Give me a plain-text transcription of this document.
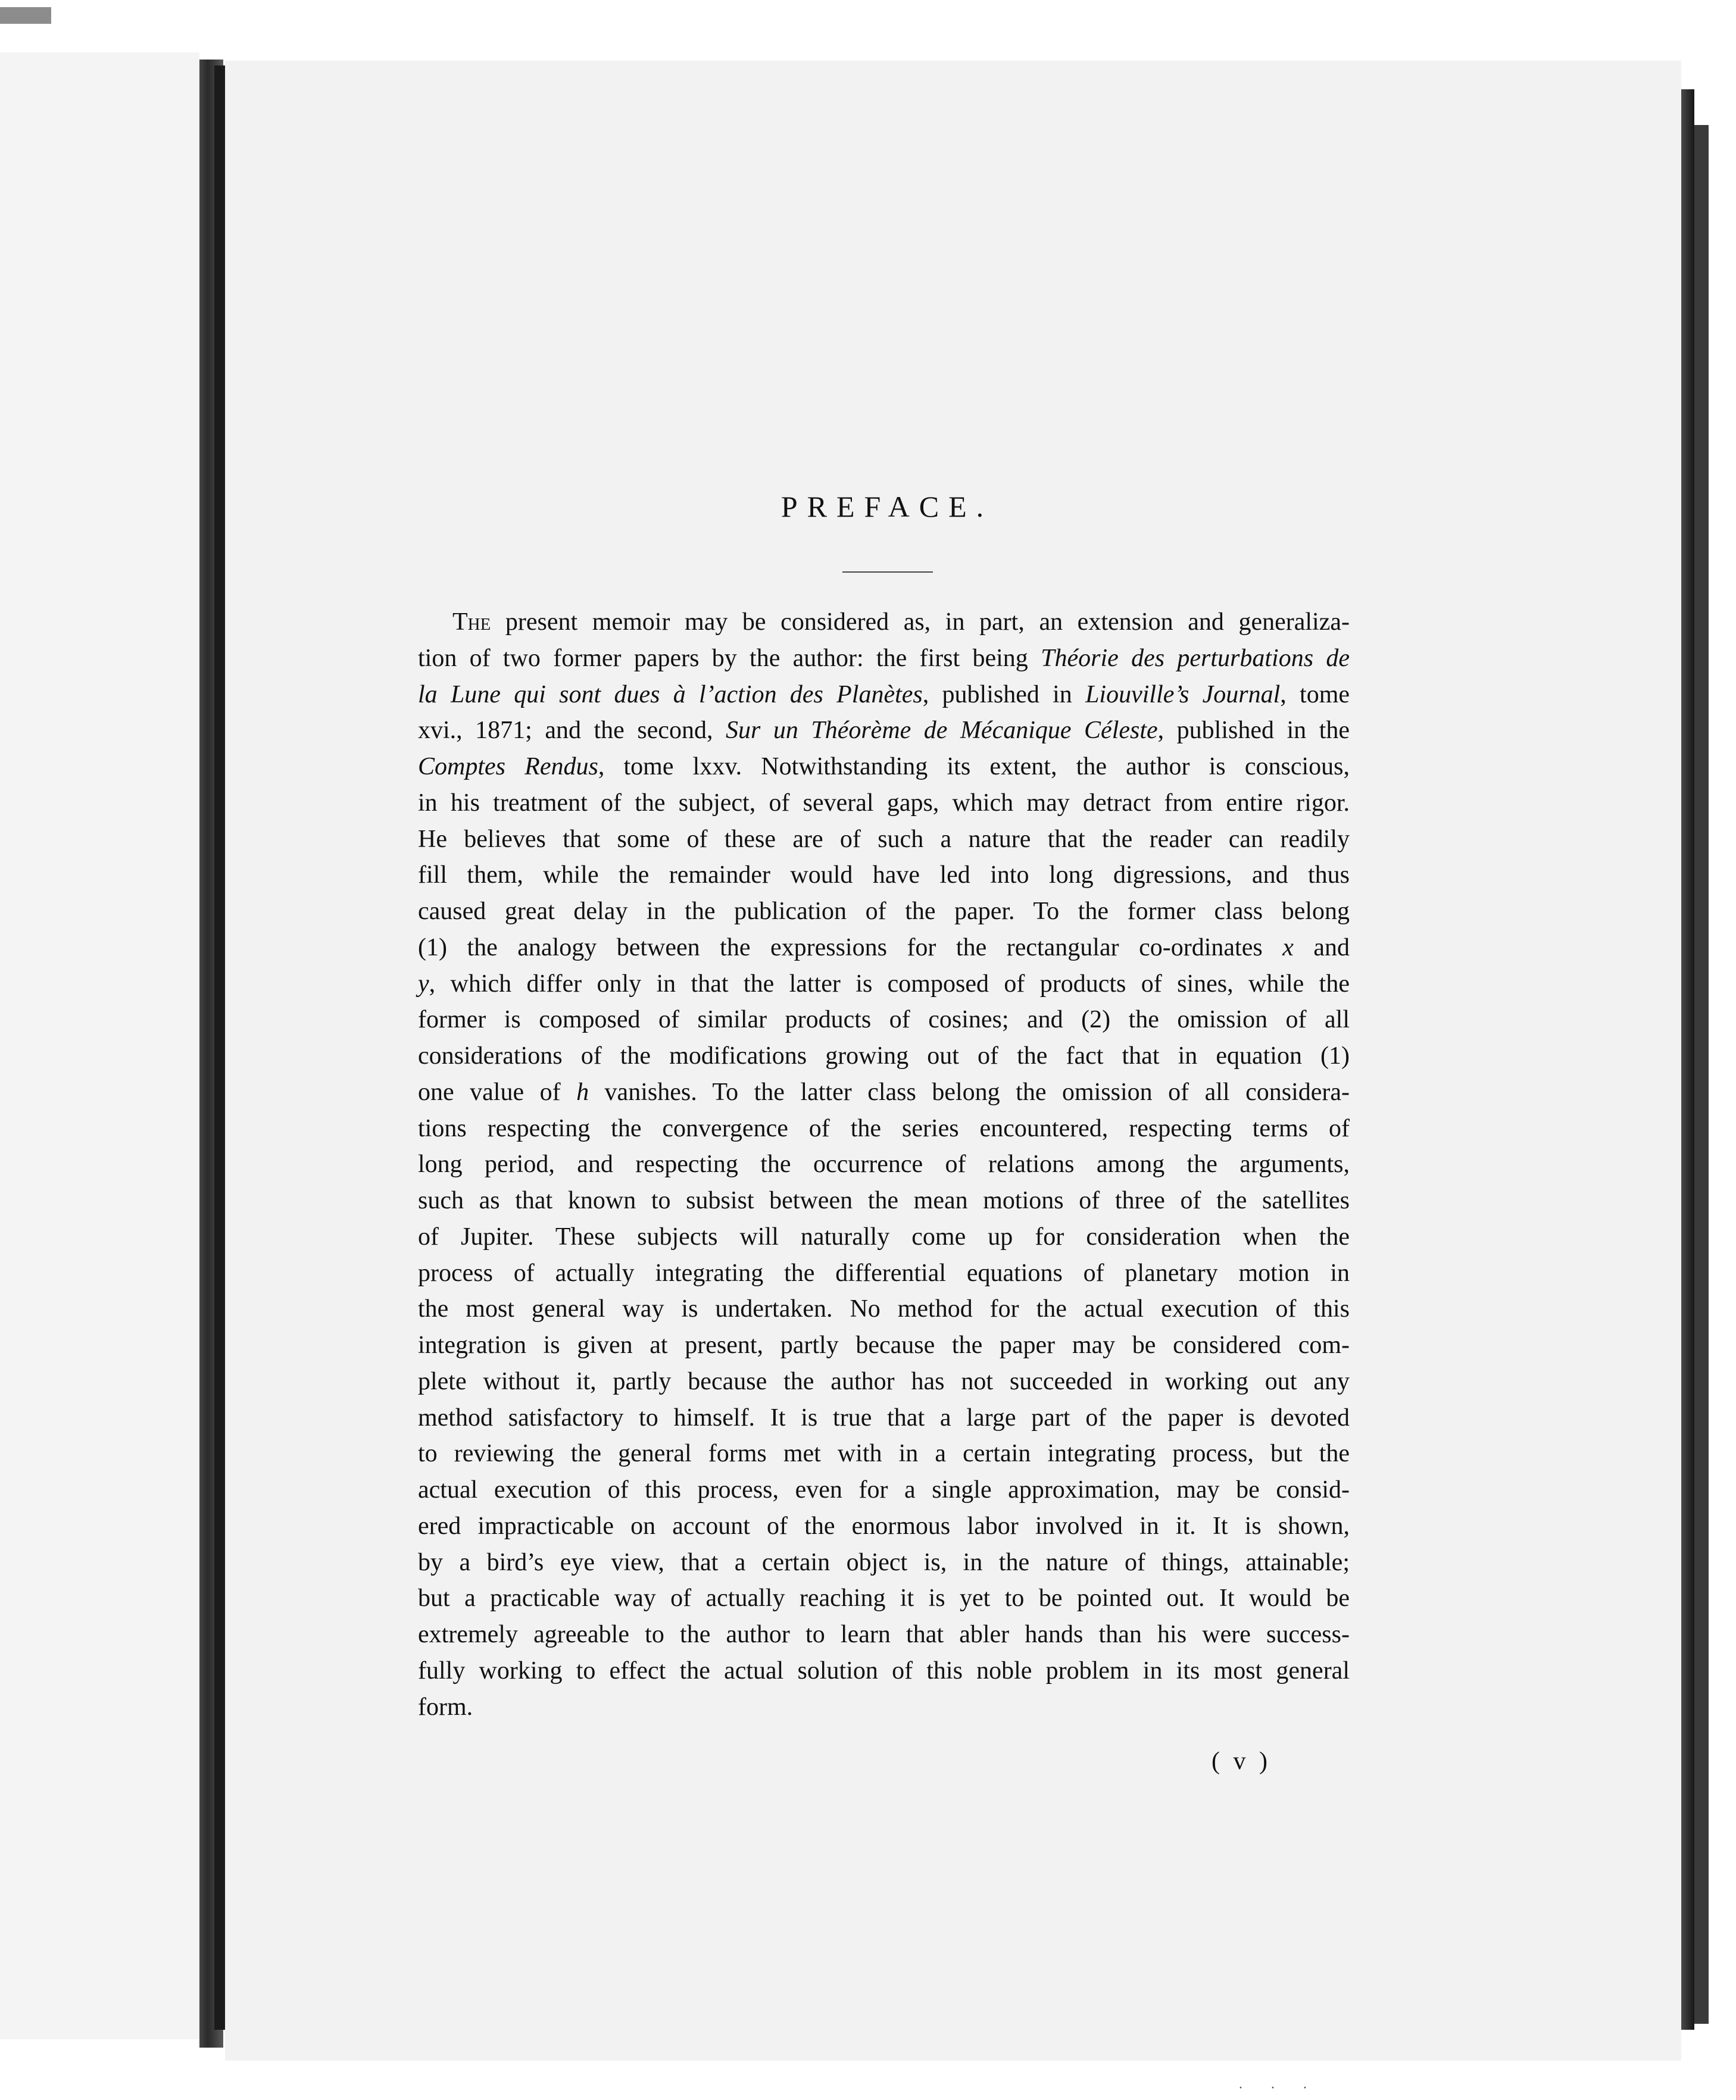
PREFACE.
The present memoir may be considered as, in part, an extension and generaliza-
tion of two former papers by the author: the first being Théorie des perturbations de
la Lune qui sont dues à l’action des Planètes, published in Liouville’s Journal, tome
xvi., 1871; and the second, Sur un Théorème de Mécanique Céleste, published in the
Comptes Rendus, tome lxxv. Notwithstanding its extent, the author is conscious,
in his treatment of the subject, of several gaps, which may detract from entire rigor.
He believes that some of these are of such a nature that the reader can readily
fill them, while the remainder would have led into long digressions, and thus
caused great delay in the publication of the paper. To the former class belong
(1) the analogy between the expressions for the rectangular co-ordinates x and
y, which differ only in that the latter is composed of products of sines, while the
former is composed of similar products of cosines; and (2) the omission of all
considerations of the modifications growing out of the fact that in equation (1)
one value of h vanishes. To the latter class belong the omission of all considera-
tions respecting the convergence of the series encountered, respecting terms of
long period, and respecting the occurrence of relations among the arguments,
such as that known to subsist between the mean motions of three of the satellites
of Jupiter. These subjects will naturally come up for consideration when the
process of actually integrating the differential equations of planetary motion in
the most general way is undertaken. No method for the actual execution of this
integration is given at present, partly because the paper may be considered com-
plete without it, partly because the author has not succeeded in working out any
method satisfactory to himself. It is true that a large part of the paper is devoted
to reviewing the general forms met with in a certain integrating process, but the
actual execution of this process, even for a single approximation, may be consid-
ered impracticable on account of the enormous labor involved in it. It is shown,
by a bird’s eye view, that a certain object is, in the nature of things, attainable;
but a practicable way of actually reaching it is yet to be pointed out. It would be
extremely agreeable to the author to learn that abler hands than his were success-
fully working to effect the actual solution of this noble problem in its most general
form.
( v )
· · ·
